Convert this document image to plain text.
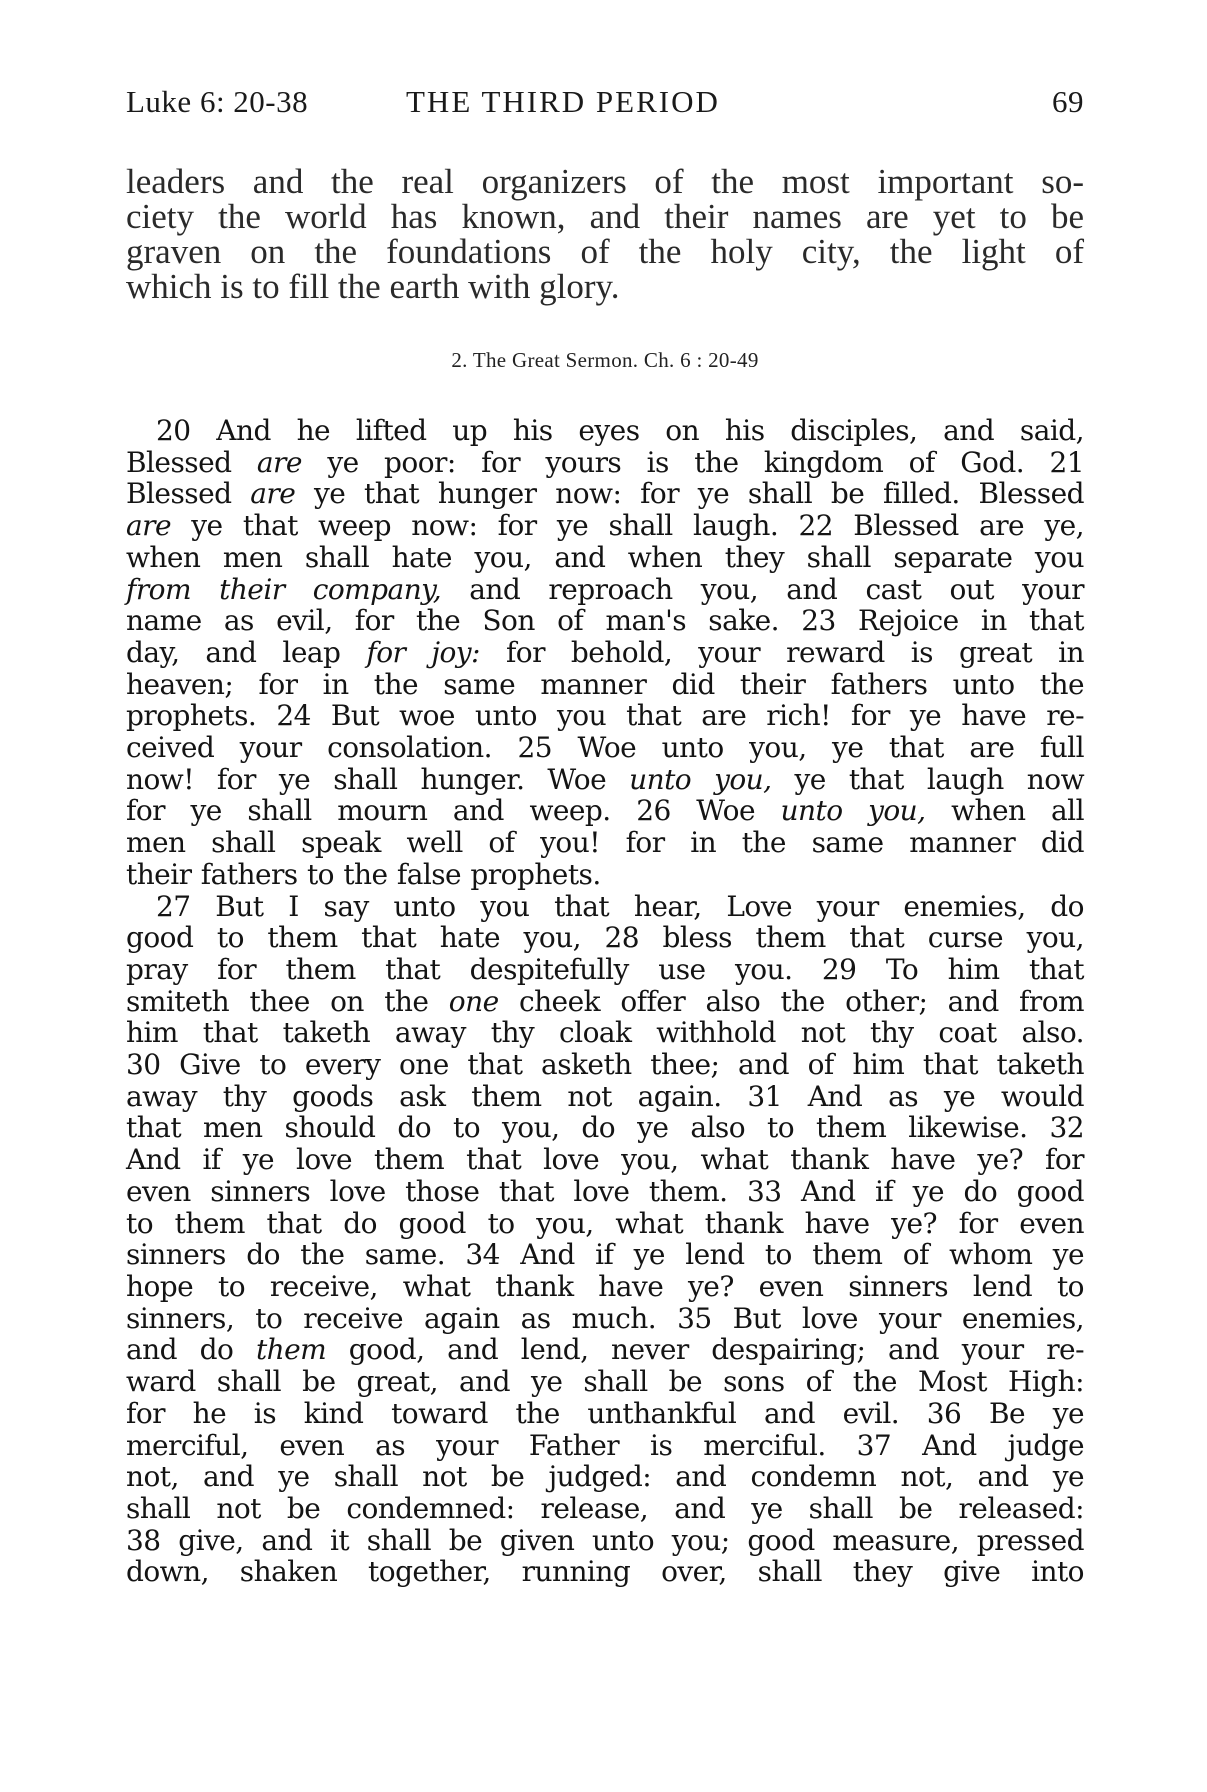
Luke 6: 20-38	THE THIRD PERIOD	69
leaders and the real organizers of the most important so-
ciety the world has known, and their names are yet to be
graven on the foundations of the holy city, the light of
which is to fill the earth with glory.
2. The Great Sermon. Ch. 6 : 20-49
20 And he lifted up his eyes on his disciples, and said,
Blessed are ye poor: for yours is the kingdom of God. 21
Blessed are ye that hunger now: for ye shall be filled. Blessed
are ye that weep now: for ye shall laugh. 22 Blessed are ye,
when men shall hate you, and when they shall separate you
from their company, and reproach you, and cast out your
name as evil, for the Son of man's sake. 23 Rejoice in that
day, and leap for joy: for behold, your reward is great in
heaven; for in the same manner did their fathers unto the
prophets. 24 But woe unto you that are rich! for ye have re-
ceived your consolation. 25 Woe unto you, ye that are full
now! for ye shall hunger. Woe unto you, ye that laugh now
for ye shall mourn and weep. 26 Woe unto you, when all
men shall speak well of you! for in the same manner did
their fathers to the false prophets.
27 But I say unto you that hear, Love your enemies, do
good to them that hate you, 28 bless them that curse you,
pray for them that despitefully use you. 29 To him that
smiteth thee on the one cheek offer also the other; and from
him that taketh away thy cloak withhold not thy coat also.
30 Give to every one that asketh thee; and of him that taketh
away thy goods ask them not again. 31 And as ye would
that men should do to you, do ye also to them likewise. 32
And if ye love them that love you, what thank have ye? for
even sinners love those that love them. 33 And if ye do good
to them that do good to you, what thank have ye? for even
sinners do the same. 34 And if ye lend to them of whom ye
hope to receive, what thank have ye? even sinners lend to
sinners, to receive again as much. 35 But love your enemies,
and do them good, and lend, never despairing; and your re-
ward shall be great, and ye shall be sons of the Most High:
for he is kind toward the unthankful and evil. 36 Be ye
merciful, even as your Father is merciful. 37 And judge
not, and ye shall not be judged: and condemn not, and ye
shall not be condemned: release, and ye shall be released:
38 give, and it shall be given unto you; good measure, pressed
down, shaken together, running over, shall they give into
